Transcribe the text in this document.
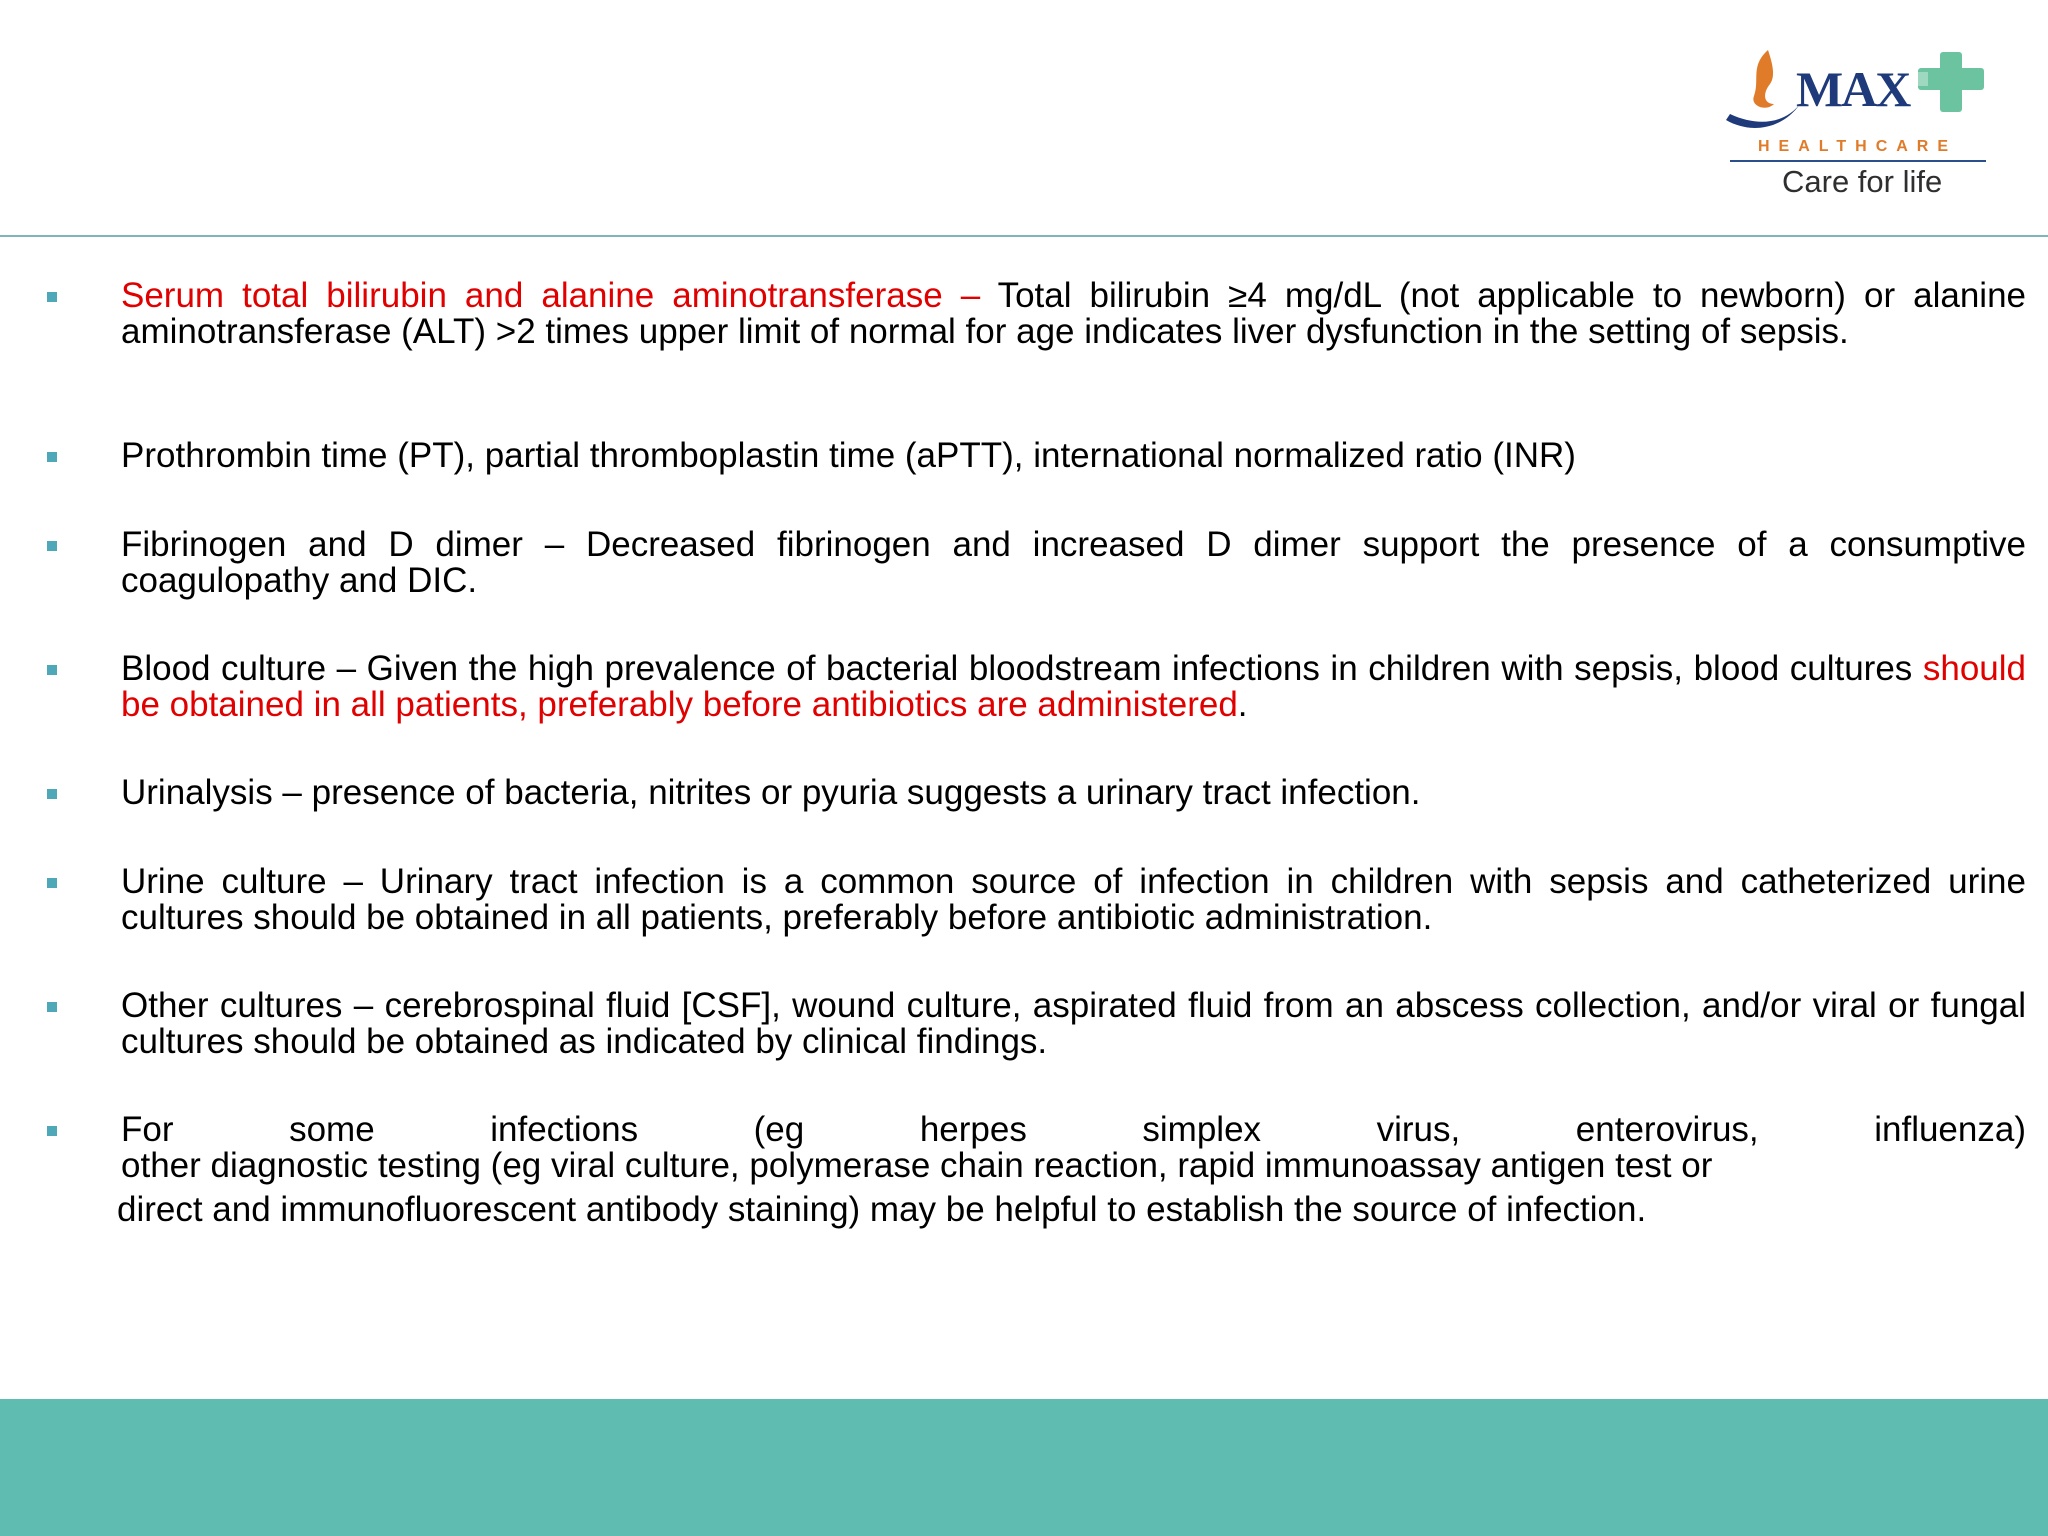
MAX
HEALTHCARE
Care for life

Serum total bilirubin and alanine aminotransferase – Total bilirubin ≥4 mg/dL (not applicable to newborn) or alanine aminotransferase (ALT) >2 times upper limit of normal for age indicates liver dysfunction in the setting of sepsis.

Prothrombin time (PT), partial thromboplastin time (aPTT), international normalized ratio (INR)

Fibrinogen and D dimer – Decreased fibrinogen and increased D dimer support the presence of a consumptive coagulopathy and DIC.

Blood culture – Given the high prevalence of bacterial bloodstream infections in children with sepsis, blood cultures should be obtained in all patients, preferably before antibiotics are administered.

Urinalysis – presence of bacteria, nitrites or pyuria suggests a urinary tract infection.

Urine culture – Urinary tract infection is a common source of infection in children with sepsis and catheterized urine cultures should be obtained in all patients, preferably before antibiotic administration.

Other cultures – cerebrospinal fluid [CSF], wound culture, aspirated fluid from an abscess collection, and/or viral or fungal cultures should be obtained as indicated by clinical findings.

For some infections (eg herpes simplex virus, enterovirus, influenza)

other diagnostic testing (eg viral culture, polymerase chain reaction, rapid immunoassay antigen test or

direct and immunofluorescent antibody staining) may be helpful to establish the source of infection.
